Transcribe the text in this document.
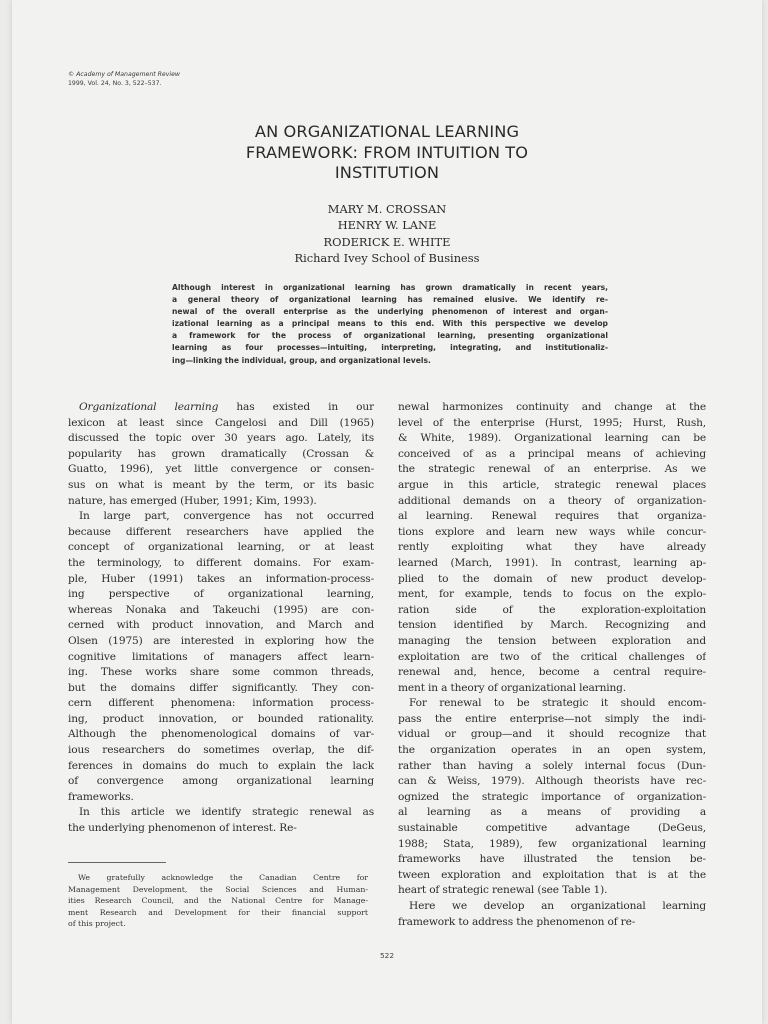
© Academy of Management Review
1999, Vol. 24, No. 3, 522–537.
AN ORGANIZATIONAL LEARNING
FRAMEWORK: FROM INTUITION TO
INSTITUTION
MARY M. CROSSAN
HENRY W. LANE
RODERICK E. WHITE
Richard Ivey School of Business
Although interest in organizational learning has grown dramatically in recent years,
a general theory of organizational learning has remained elusive. We identify re-
newal of the overall enterprise as the underlying phenomenon of interest and organ-
izational learning as a principal means to this end. With this perspective we develop
a framework for the process of organizational learning, presenting organizational
learning as four processes—intuiting, interpreting, integrating, and institutionaliz-
ing—linking the individual, group, and organizational levels.
Organizational learning has existed in our
lexicon at least since Cangelosi and Dill (1965)
discussed the topic over 30 years ago. Lately, its
popularity has grown dramatically (Crossan &
Guatto, 1996), yet little convergence or consen-
sus on what is meant by the term, or its basic
nature, has emerged (Huber, 1991; Kim, 1993).
In large part, convergence has not occurred
because different researchers have applied the
concept of organizational learning, or at least
the terminology, to different domains. For exam-
ple, Huber (1991) takes an information-process-
ing perspective of organizational learning,
whereas Nonaka and Takeuchi (1995) are con-
cerned with product innovation, and March and
Olsen (1975) are interested in exploring how the
cognitive limitations of managers affect learn-
ing. These works share some common threads,
but the domains differ significantly. They con-
cern different phenomena: information process-
ing, product innovation, or bounded rationality.
Although the phenomenological domains of var-
ious researchers do sometimes overlap, the dif-
ferences in domains do much to explain the lack
of convergence among organizational learning
frameworks.
In this article we identify strategic renewal as
the underlying phenomenon of interest. Re-
newal harmonizes continuity and change at the
level of the enterprise (Hurst, 1995; Hurst, Rush,
& White, 1989). Organizational learning can be
conceived of as a principal means of achieving
the strategic renewal of an enterprise. As we
argue in this article, strategic renewal places
additional demands on a theory of organization-
al learning. Renewal requires that organiza-
tions explore and learn new ways while concur-
rently exploiting what they have already
learned (March, 1991). In contrast, learning ap-
plied to the domain of new product develop-
ment, for example, tends to focus on the explo-
ration side of the exploration-exploitation
tension identified by March. Recognizing and
managing the tension between exploration and
exploitation are two of the critical challenges of
renewal and, hence, become a central require-
ment in a theory of organizational learning.
For renewal to be strategic it should encom-
pass the entire enterprise—not simply the indi-
vidual or group—and it should recognize that
the organization operates in an open system,
rather than having a solely internal focus (Dun-
can & Weiss, 1979). Although theorists have rec-
ognized the strategic importance of organization-
al learning as a means of providing a
sustainable competitive advantage (DeGeus,
1988; Stata, 1989), few organizational learning
frameworks have illustrated the tension be-
tween exploration and exploitation that is at the
heart of strategic renewal (see Table 1).
Here we develop an organizational learning
framework to address the phenomenon of re-
We gratefully acknowledge the Canadian Centre for
Management Development, the Social Sciences and Human-
ities Research Council, and the National Centre for Manage-
ment Research and Development for their financial support
of this project.
522
